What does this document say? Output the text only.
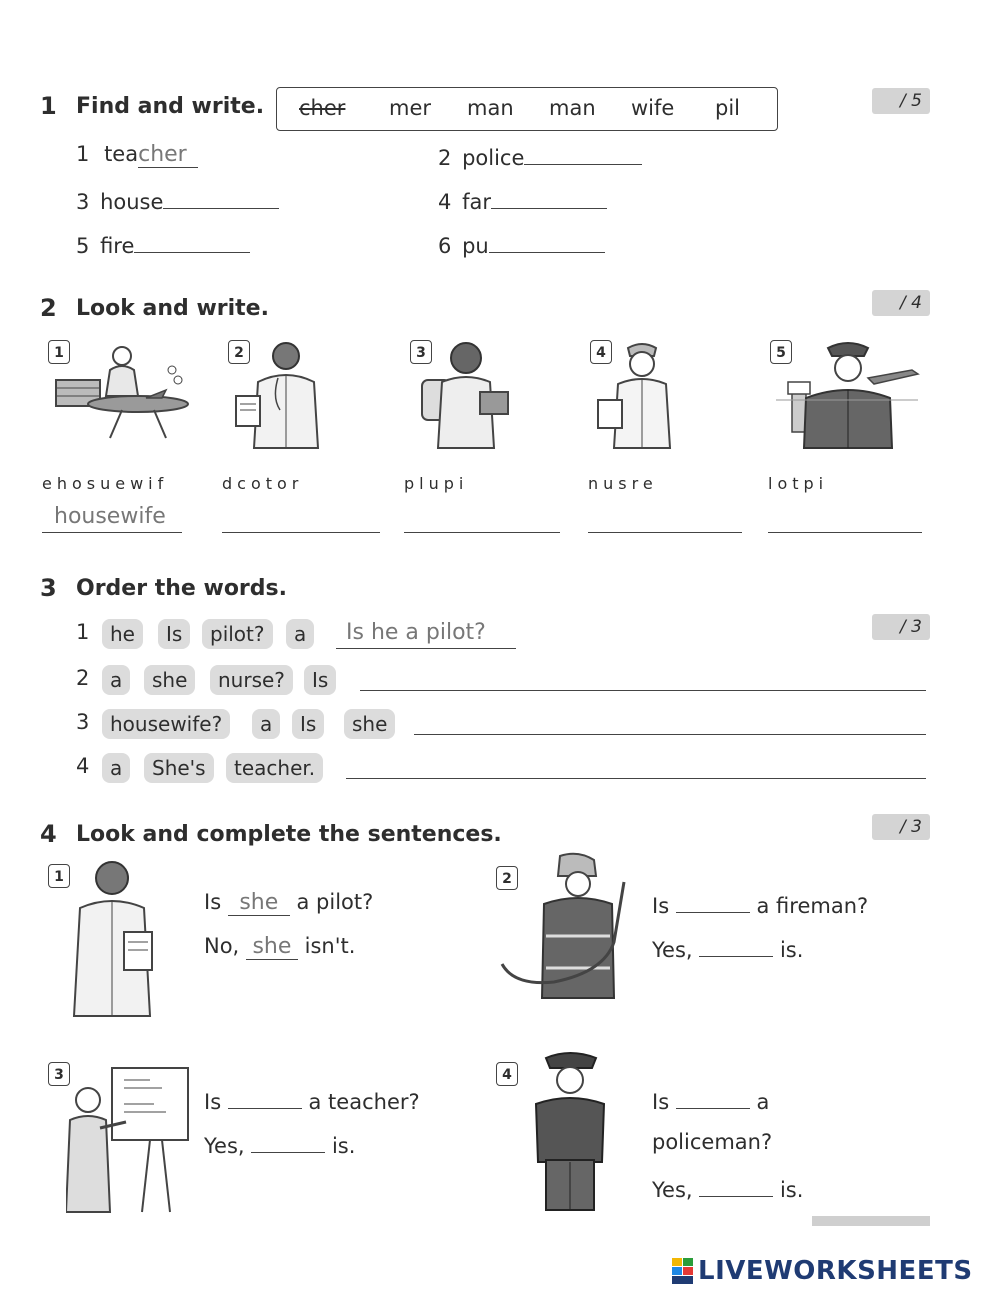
1 Find and write.	/ 5
cher mer man man wife pil
1 teacher	2 police
3 house	4 far
5 fire	6 pu
2 Look and write.	/ 4
1
ehosuewif
housewife
2
dcotor
3
plupi
4
nusre
5
lotpi
3 Order the words.
/ 3
1	he	Is	pilot?	a	Is he a pilot?
2	a	she	nurse?	Is
3	housewife?	a	Is	she
4	a	She's	teacher.
4 Look and complete the sentences.	/ 3
1
Is she a pilot?
No, she isn't.
2
Is	a fireman?
Yes,	is.
3
Is	a teacher?
Yes,	is.
4
Is	a
policeman?
Yes,	is.
LIVEWORKSHEETS
